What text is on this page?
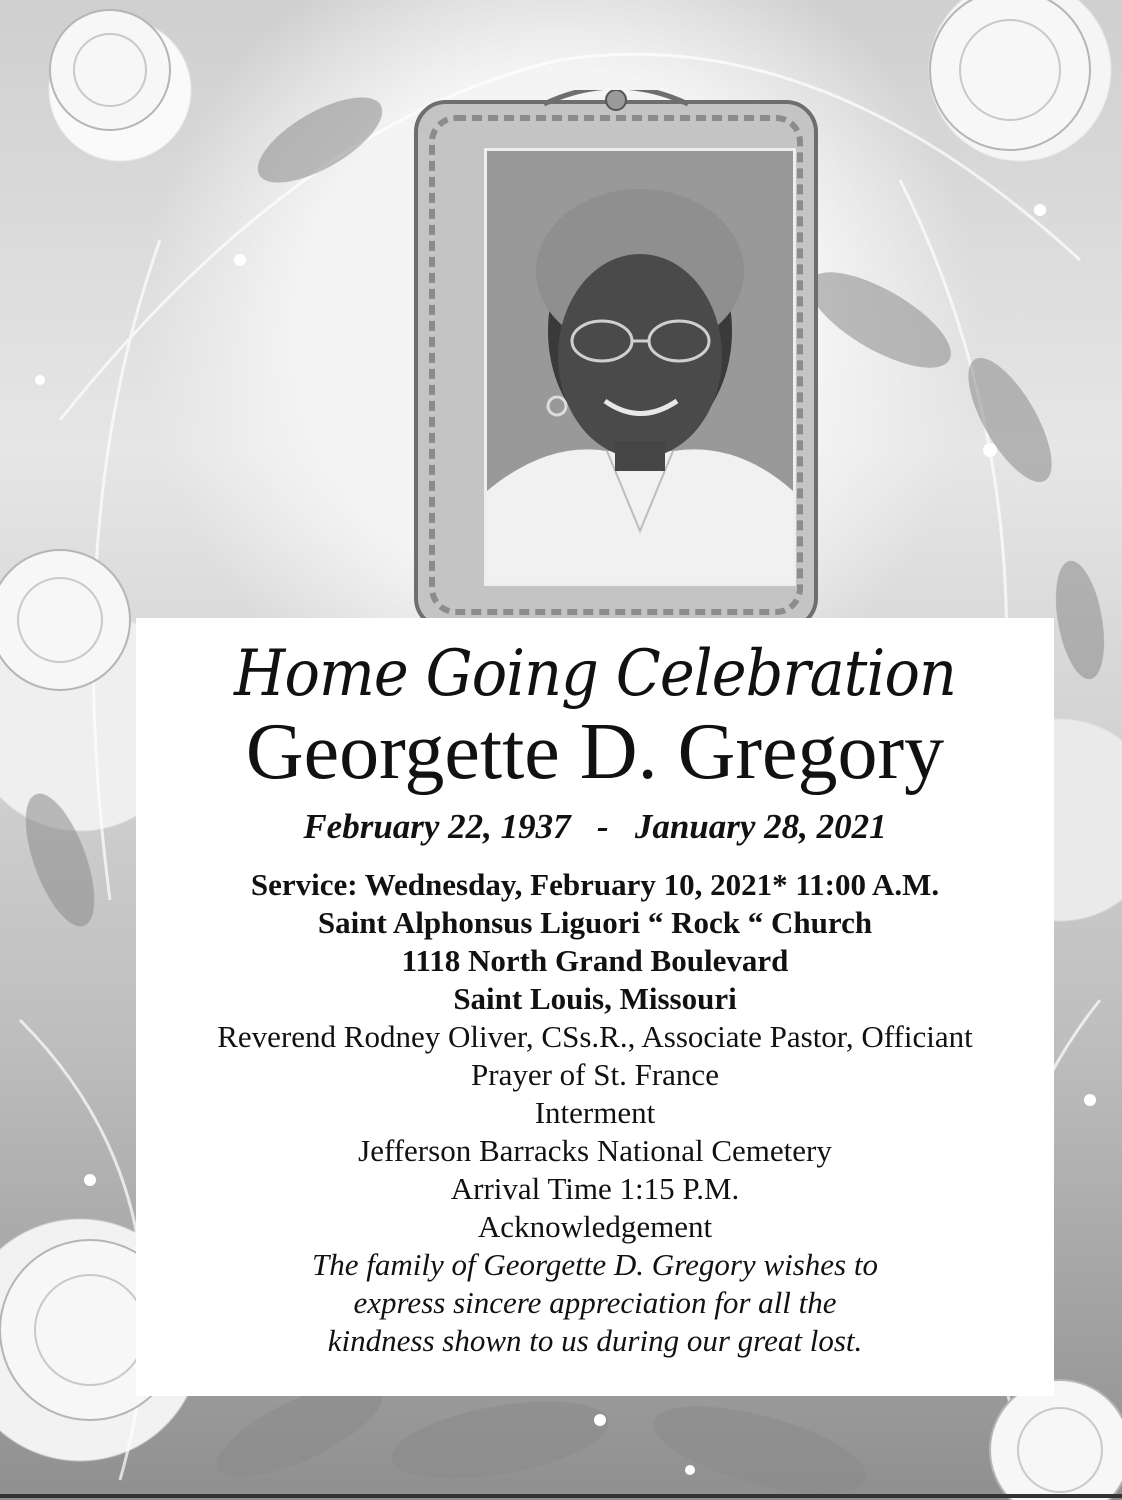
Home Going Celebration
Georgette D. Gregory
February 22, 1937   -   January 28, 2021
Service: Wednesday, February 10, 2021* 11:00 A.M.
Saint Alphonsus Liguori “ Rock “ Church
1118 North Grand Boulevard
Saint Louis, Missouri
Reverend Rodney Oliver, CSs.R., Associate Pastor, Officiant
Prayer of St. France
Interment
Jefferson Barracks National Cemetery
Arrival Time 1:15 P.M.
Acknowledgement
The family of Georgette D. Gregory wishes to
express sincere appreciation for all the
kindness shown to us during our great lost.
